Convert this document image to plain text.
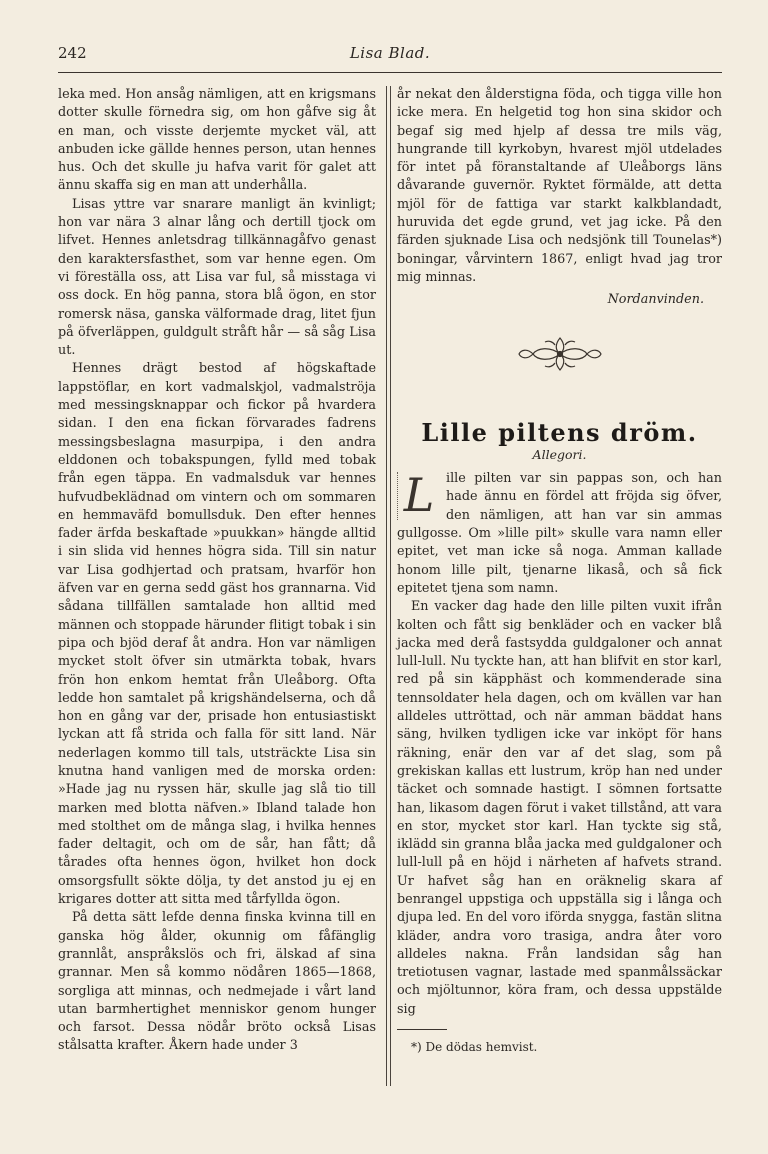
242	Lisa Blad.

leka med. Hon ansåg nämligen, att en krigsmans dotter skulle förnedra sig, om hon gåfve sig åt en man, och visste derjemte mycket väl, att anbuden icke gällde hennes person, utan hennes hus. Och det skulle ju hafva varit för galet att ännu skaffa sig en man att underhålla.

Lisas yttre var snarare manligt än kvinligt; hon var nära 3 alnar lång och dertill tjock om lifvet. Hennes anletsdrag tillkännagåfvo genast den karaktersfasthet, som var henne egen. Om vi föreställa oss, att Lisa var ful, så misstaga vi oss dock. En hög panna, stora blå ögon, en stor romersk näsa, ganska välformade drag, litet fjun på öfverläppen, guldgult stråft hår — så såg Lisa ut.

Hennes drägt bestod af högskaftade lappstöflar, en kort vadmalskjol, vadmalströja med messingsknappar och fickor på hvardera sidan. I den ena fickan förvarades fadrens messingsbeslagna masurpipa, i den andra elddonen och tobakspungen, fylld med tobak från egen täppa. En vadmalsduk var hennes hufvudbeklädnad om vintern och om sommaren en hemmaväfd bomullsduk. Den efter hennes fader ärfda beskaftade »puukkan» hängde alltid i sin slida vid hennes högra sida. Till sin natur var Lisa godhjertad och pratsam, hvarför hon äfven var en gerna sedd gäst hos grannarna. Vid sådana tillfällen samtalade hon alltid med männen och stoppade härunder flitigt tobak i sin pipa och bjöd deraf åt andra. Hon var nämligen mycket stolt öfver sin utmärkta tobak, hvars frön hon enkom hemtat från Uleåborg. Ofta ledde hon samtalet på krigshändelserna, och då hon en gång var der, prisade hon entusiastiskt lyckan att få strida och falla för sitt land. När nederlagen kommo till tals, utsträckte Lisa sin knutna hand vanligen med de morska orden: »Hade jag nu ryssen här, skulle jag slå tio till marken med blotta näfven.» Ibland talade hon med stolthet om de många slag, i hvilka hennes fader deltagit, och om de sår, han fått; då tårades ofta hennes ögon, hvilket hon dock omsorgsfullt sökte dölja, ty det anstod ju ej en krigares dotter att sitta med tårfyllda ögon.

På detta sätt lefde denna finska kvinna till en ganska hög ålder, okunnig om fåfänglig grannlåt, anspråkslös och fri, älskad af sina grannar. Men så kommo nödåren 1865—1868, sorgliga att minnas, och nedmejade i vårt land utan barmhertighet menniskor genom hunger och farsot. Dessa nödår bröto också Lisas stålsatta krafter. Åkern hade under 3

år nekat den ålderstigna föda, och tigga ville hon icke mera. En helgetid tog hon sina skidor och begaf sig med hjelp af dessa tre mils väg, hungrande till kyrkobyn, hvarest mjöl utdelades för intet på föranstaltande af Uleåborgs läns dåvarande guvernör. Ryktet förmälde, att detta mjöl för de fattiga var starkt kalkblandadt, huruvida det egde grund, vet jag icke. På den färden sjuknade Lisa och nedsjönk till Tounelas*) boningar, vårvintern 1867, enligt hvad jag tror mig minnas.

Nordanvinden.
Lille piltens dröm.
Allegori.
L ille pilten var sin pappas son, och han hade ännu en fördel att fröjda sig öfver, den nämligen, att han var sin ammas gullgosse. Om »lille pilt» skulle vara namn eller epitet, vet man icke så noga. Amman kallade honom lille pilt, tjenarne likaså, och så fick epitetet tjena som namn.

En vacker dag hade den lille pilten vuxit ifrån kolten och fått sig benkläder och en vacker blå jacka med derå fastsydda guldgaloner och annat lull-lull. Nu tyckte han, att han blifvit en stor karl, red på sin käpphäst och kommenderade sina tennsoldater hela dagen, och om kvällen var han alldeles uttröttad, och när amman bäddat hans säng, hvilken tydligen icke var inköpt för hans räkning, enär den var af det slag, som på grekiskan kallas ett lustrum, kröp han ned under täcket och somnade hastigt. I sömnen fortsatte han, likasom dagen förut i vaket tillstånd, att vara en stor, mycket stor karl. Han tyckte sig stå, iklädd sin granna blåa jacka med guldgaloner och lull-lull på en höjd i närheten af hafvets strand. Ur hafvet såg han en oräknelig skara af benrangel uppstiga och uppställa sig i långa och djupa led. En del voro iförda snygga, fastän slitna kläder, andra voro trasiga, andra åter voro alldeles nakna. Från landsidan såg han tretiotusen vagnar, lastade med spanmålssäckar och mjöltunnor, köra fram, och dessa uppstälde sig

*) De dödas hemvist.
